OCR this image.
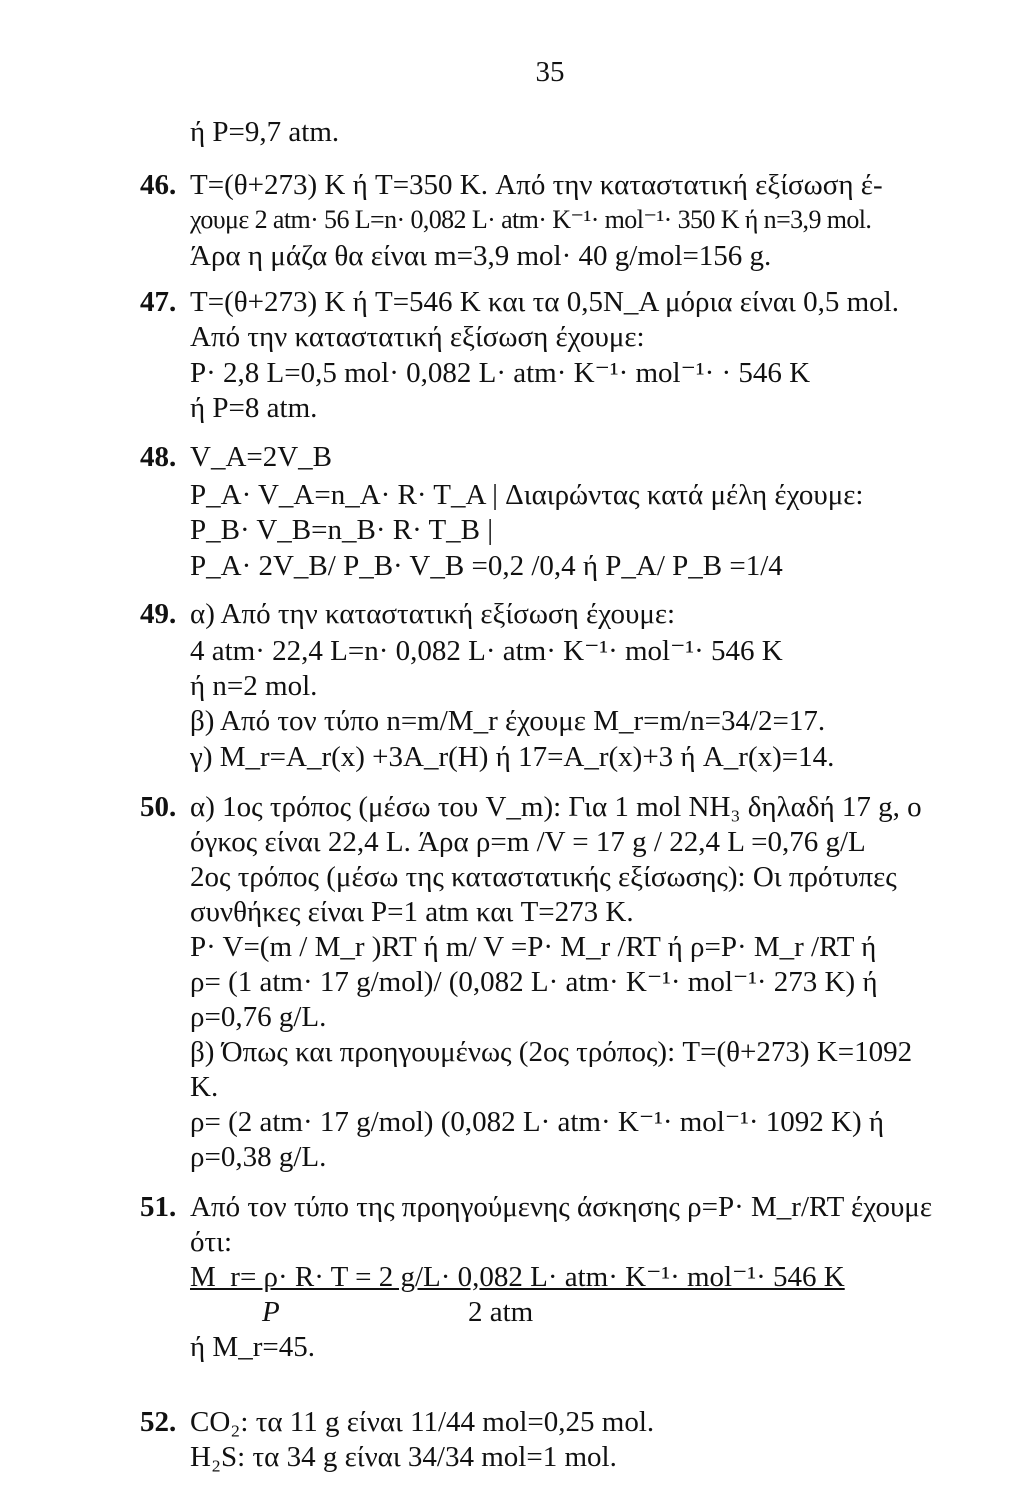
35
ή P=9,7 atm.
46. T=(θ+273) K ή T=350 K. Από την καταστατική εξίσωση έ-
χουμε 2 atm· 56 L=n· 0,082 L· atm· K⁻¹· mol⁻¹· 350 K ή n=3,9 mol.
Άρα η μάζα θα είναι m=3,9 mol· 40 g/mol=156 g.
47. T=(θ+273) K ή T=546 K και τα 0,5N_A μόρια είναι 0,5 mol.
Από την καταστατική εξίσωση έχουμε:
P· 2,8 L=0,5 mol· 0,082 L· atm· K⁻¹· mol⁻¹· · 546 K
ή P=8 atm.
48. V_A=2V_B
P_A· V_A=n_A· R· T_A | Διαιρώντας κατά μέλη έχουμε:
P_B· V_B=n_B· R· T_B |
P_A· 2V_B/ P_B· V_B =0,2 /0,4 ή P_A/ P_B =1/4
49. α) Από την καταστατική εξίσωση έχουμε:
4 atm· 22,4 L=n· 0,082 L· atm· K⁻¹· mol⁻¹· 546 K
ή n=2 mol.
β) Από τον τύπο n=m/M_r έχουμε M_r=m/n=34/2=17.
γ) M_r=A_r(x) +3A_r(H) ή 17=A_r(x)+3 ή A_r(x)=14.
50. α) 1ος τρόπος (μέσω του V_m): Για 1 mol NH₃ δηλαδή 17 g, ο
όγκος είναι 22,4 L. Άρα ρ=m /V = 17 g / 22,4 L =0,76 g/L
2ος τρόπος (μέσω της καταστατικής εξίσωσης): Οι πρότυπες
συνθήκες είναι P=1 atm και T=273 K.
P· V=(m / M_r )RT ή m/ V =P· M_r /RT ή ρ=P· M_r /RT ή
ρ= (1 atm· 17 g/mol)/ (0,082 L· atm· K⁻¹· mol⁻¹· 273 K) ή
ρ=0,76 g/L.
β) Όπως και προηγουμένως (2ος τρόπος): T=(θ+273) K=1092
K.
ρ= (2 atm· 17 g/mol) (0,082 L· atm· K⁻¹· mol⁻¹· 1092 K) ή
ρ=0,38 g/L.
51. Από τον τύπο της προηγούμενης άσκησης ρ=P· M_r/RT έχουμε
ότι:
M_r= ρ· R· T = 2 g/L· 0,082 L· atm· K⁻¹· mol⁻¹· 546 K
P	2 atm
ή M_r=45.
52. CO₂: τα 11 g είναι 11/44 mol=0,25 mol.
H₂S: τα 34 g είναι 34/34 mol=1 mol.
